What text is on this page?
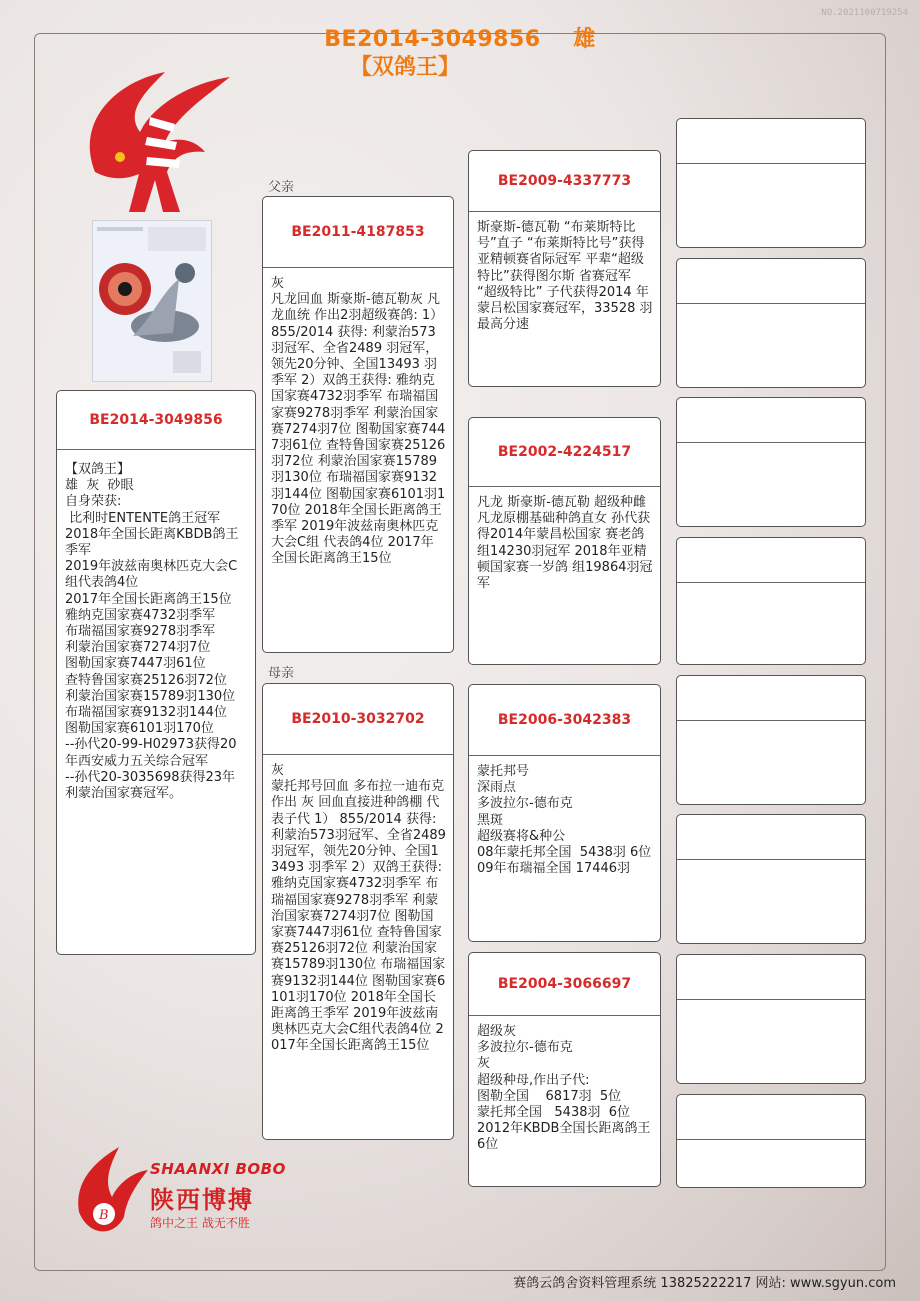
NO.2021100719254
BE2014-3049856 雄
【双鸽王】
父亲
母亲
BE2014-3049856
【双鸽王】
雄  灰  砂眼
自身荣获:
比利时ENTENTE鸽王冠军
2018年全国长距离KBDB鸽王季军
2019年波兹南奥林匹克大会C组代表鸽4位
2017年全国长距离鸽王15位
雅纳克国家赛4732羽季军
布瑞福国家赛9278羽季军
利蒙治国家赛7274羽7位
图勒国家赛7447羽61位
查特鲁国家赛25126羽72位
利蒙治国家赛15789羽130位
布瑞福国家赛9132羽144位
图勒国家赛6101羽170位
--孙代20-99-H02973获得20年西安威力五关综合冠军
--孙代20-3035698获得23年利蒙治国家赛冠军。
BE2011-4187853
灰
凡龙回血 斯豪斯-德瓦勒灰 凡龙血统 作出2羽超级赛鸽: 1） 855/2014 获得: 利蒙治573羽冠军、全省2489 羽冠军，领先20分钟、全国13493 羽季军 2）双鸽王获得: 雅纳克国家赛4732羽季军 布瑞福国家赛9278羽季军 利蒙治国家赛7274羽7位 图勒国家赛7447羽61位 查特鲁国家赛25126羽72位 利蒙治国家赛15789羽130位 布瑞福国家赛9132羽144位 图勒国家赛6101羽170位 2018年全国长距离鸽王季军 2019年波兹南奥林匹克大会C组 代表鸽4位 2017年全国长距离鸽王15位
BE2010-3032702
灰
蒙托邦号回血 多布拉一迪布克作出 灰 回血直接进种鸽棚 代表子代 1） 855/2014 获得: 利蒙治573羽冠军、全省2489 羽冠军，领先20分钟、全国13493 羽季军 2）双鸽王获得: 雅纳克国家赛4732羽季军 布瑞福国家赛9278羽季军 利蒙治国家赛7274羽7位 图勒国家赛7447羽61位 查特鲁国家赛25126羽72位 利蒙治国家赛15789羽130位 布瑞福国家赛9132羽144位 图勒国家赛6101羽170位 2018年全国长距离鸽王季军 2019年波兹南奥林匹克大会C组代表鸽4位 2017年全国长距离鸽王15位
BE2009-4337773
斯豪斯-德瓦勒 “布莱斯特比号”直子 “布莱斯特比号”获得亚精顿赛省际冠军 平辈“超级特比”获得图尔斯 省赛冠军 “超级特比” 子代获得2014 年蒙吕松国家赛冠军，33528 羽最高分速
BE2002-4224517
凡龙 斯豪斯-德瓦勒 超级种雌 凡龙原棚基础种鸽直女 孙代获得2014年蒙昌松国家 赛老鸽组14230羽冠军 2018年亚精顿国家赛一岁鸽 组19864羽冠军
BE2006-3042383
蒙托邦号
深雨点
多波拉尔-德布克
黑斑
超级赛将&种公
08年蒙托邦全国  5438羽 6位
09年布瑞福全国 17446羽
BE2004-3066697
超级灰
多波拉尔-德布克
灰
超级种母,作出子代:
图勒全国    6817羽  5位
蒙托邦全国   5438羽  6位
2012年KBDB全国长距离鸽王6位
B
SHAANXI BOBO
陕西博搏
鸽中之王 战无不胜
赛鸽云鸽舍资料管理系统 13825222217 网站: www.sgyun.com
